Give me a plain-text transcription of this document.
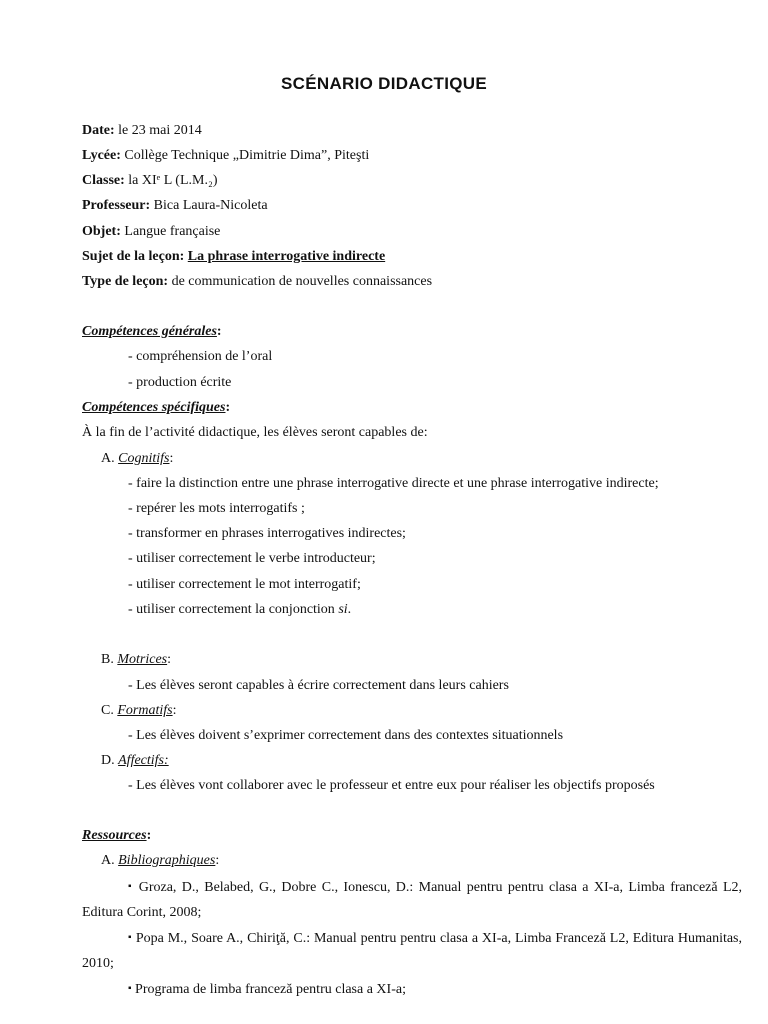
SCÉNARIO DIDACTIQUE
Date: le 23 mai 2014
Lycée: Collège Technique „Dimitrie Dima”, Piteşti
Classe: la XIᵉ L (L.M.₂)
Professeur: Bica Laura-Nicoleta
Objet: Langue française
Sujet de la leçon: La phrase interrogative indirecte
Type de leçon: de communication de nouvelles connaissances
Compétences générales:
- compréhension de l’oral
- production écrite
Compétences spécifiques:
À la fin de l’activité didactique, les élèves seront capables de:
A. Cognitifs:
- faire la distinction entre une phrase interrogative directe et une phrase interrogative indirecte;
- repérer les mots interrogatifs ;
- transformer en phrases interrogatives indirectes;
- utiliser correctement le verbe introducteur;
- utiliser correctement le mot interrogatif;
- utiliser correctement la conjonction si.
B. Motrices:
- Les élèves seront capables à écrire correctement dans leurs cahiers
C. Formatifs:
- Les élèves doivent s’exprimer correctement dans des contextes situationnels
D. Affectifs:
- Les élèves vont collaborer avec le professeur et entre eux pour réaliser les objectifs proposés
Ressources:
A. Bibliographiques:
▪ Groza, D., Belabed, G., Dobre C., Ionescu, D.: Manual pentru pentru clasa a XI-a, Limba franceză L2, Editura Corint, 2008;
▪ Popa M., Soare A., Chiriţă, C.: Manual pentru pentru clasa a XI-a, Limba Franceză L2, Editura Humanitas, 2010;
▪ Programa de limba franceză pentru clasa a XI-a;
